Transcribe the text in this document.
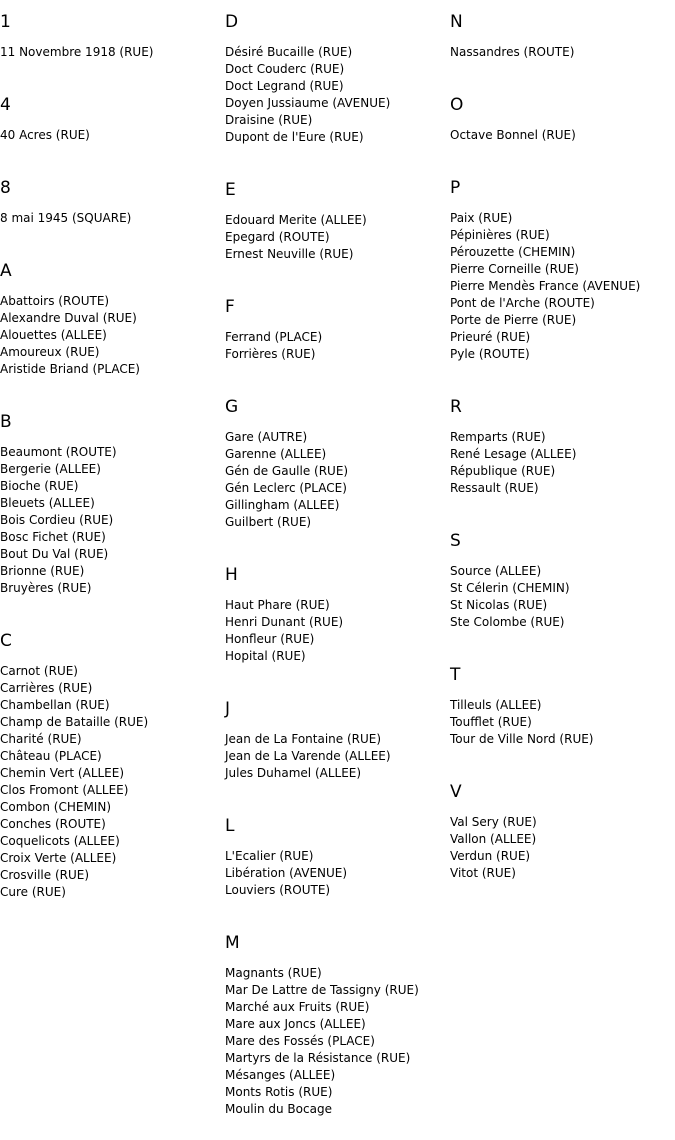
1
11 Novembre 1918 (RUE)
4
40 Acres (RUE)
8
8 mai 1945 (SQUARE)
A
Abattoirs (ROUTE)
Alexandre Duval (RUE)
Alouettes (ALLEE)
Amoureux (RUE)
Aristide Briand (PLACE)
B
Beaumont (ROUTE)
Bergerie (ALLEE)
Bioche (RUE)
Bleuets (ALLEE)
Bois Cordieu (RUE)
Bosc Fichet (RUE)
Bout Du Val (RUE)
Brionne (RUE)
Bruyères (RUE)
C
Carnot (RUE)
Carrières (RUE)
Chambellan (RUE)
Champ de Bataille (RUE)
Charité (RUE)
Château (PLACE)
Chemin Vert (ALLEE)
Clos Fromont (ALLEE)
Combon (CHEMIN)
Conches (ROUTE)
Coquelicots (ALLEE)
Croix Verte (ALLEE)
Crosville (RUE)
Cure (RUE)
D
Désiré Bucaille (RUE)
Doct Couderc (RUE)
Doct Legrand (RUE)
Doyen Jussiaume (AVENUE)
Draisine (RUE)
Dupont de l'Eure (RUE)
E
Edouard Merite (ALLEE)
Epegard (ROUTE)
Ernest Neuville (RUE)
F
Ferrand (PLACE)
Forrières (RUE)
G
Gare (AUTRE)
Garenne (ALLEE)
Gén de Gaulle (RUE)
Gén Leclerc (PLACE)
Gillingham (ALLEE)
Guilbert (RUE)
H
Haut Phare (RUE)
Henri Dunant (RUE)
Honfleur (RUE)
Hopital (RUE)
J
Jean de La Fontaine (RUE)
Jean de La Varende (ALLEE)
Jules Duhamel (ALLEE)
L
L'Ecalier (RUE)
Libération (AVENUE)
Louviers (ROUTE)
M
Magnants (RUE)
Mar De Lattre de Tassigny (RUE)
Marché aux Fruits (RUE)
Mare aux Joncs (ALLEE)
Mare des Fossés (PLACE)
Martyrs de la Résistance (RUE)
Mésanges (ALLEE)
Monts Rotis (RUE)
Moulin du Bocage
N
Nassandres (ROUTE)
O
Octave Bonnel (RUE)
P
Paix (RUE)
Pépinières (RUE)
Pérouzette (CHEMIN)
Pierre Corneille (RUE)
Pierre Mendès France (AVENUE)
Pont de l'Arche (ROUTE)
Porte de Pierre (RUE)
Prieuré (RUE)
Pyle (ROUTE)
R
Remparts (RUE)
René Lesage (ALLEE)
République (RUE)
Ressault (RUE)
S
Source (ALLEE)
St Célerin (CHEMIN)
St Nicolas (RUE)
Ste Colombe (RUE)
T
Tilleuls (ALLEE)
Toufflet (RUE)
Tour de Ville Nord (RUE)
V
Val Sery (RUE)
Vallon (ALLEE)
Verdun (RUE)
Vitot (RUE)
